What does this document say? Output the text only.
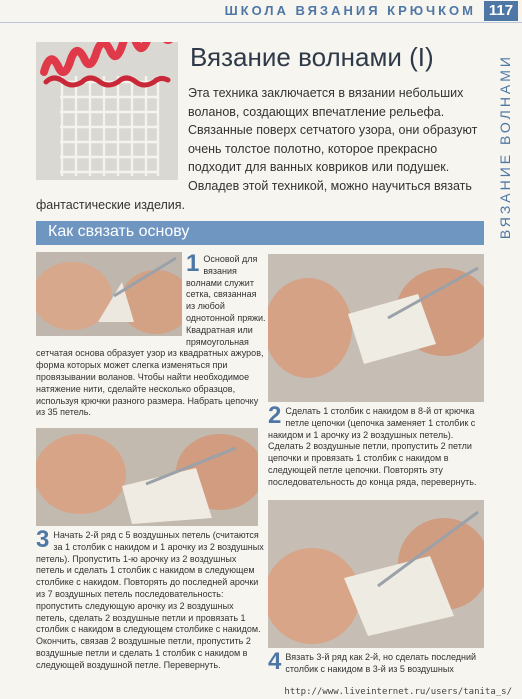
ШКОЛА ВЯЗАНИЯ КРЮЧКОМ 117
ВЯЗАНИЕ ВОЛНАМИ
Вязание волнами (I)
Эта техника заключается в вязании небольших воланов, создающих впечатление рельефа. Связанные поверх сетчатого узора, они образуют очень толстое полотно, которое прекрасно подходит для ванных ковриков или подушек. Овладев этой техникой, можно научиться вязать фантастические изделия.
Как связать основу
1 Основой для вязания волнами служит сетка, связанная из любой однотонной пряжи. Квадратная или прямоугольная сетчатая основа образует узор из квадратных ажуров, форма которых может слегка изменяться при провязывании воланов. Чтобы найти необходимое натяжение нити, сделайте несколько образцов, используя крючки разного размера. Набрать цепочку из 35 петель.	2 Сделать 1 столбик с накидом в 8-й от крючка петле цепочки (цепочка заменяет 1 столбик с накидом и 1 арочку из 2 воздушных петель). Сделать 2 воздушные петли, пропустить 2 петли цепочки и провязать 1 столбик с накидом в следующей петле цепочки. Повторять эту последовательность до конца ряда, перевернуть.
3 Начать 2-й ряд с 5 воздушных петель (считаются за 1 столбик с накидом и 1 арочку из 2 воздушных петель). Пропустить 1-ю арочку из 2 воздушных петель и сделать 1 столбик с накидом в следующем столбике с накидом. Повторять до последней арочки из 7 воздушных петель последовательность: пропустить следующую арочку из 2 воздушных петель, сделать 2 воздушные петли и провязать 1 столбик с накидом в следующем столбике с накидом. Окончить, связав 2 воздушные петли, пропустить 2 воздушные петли и сделать 1 столбик с накидом в следующей воздушной петле. Перевернуть.	4 Вязать 3-й ряд как 2-й, но сделать последний столбик с накидом в 3-й из 5 воздушных
http://www.liveinternet.ru/users/tanita_s/
